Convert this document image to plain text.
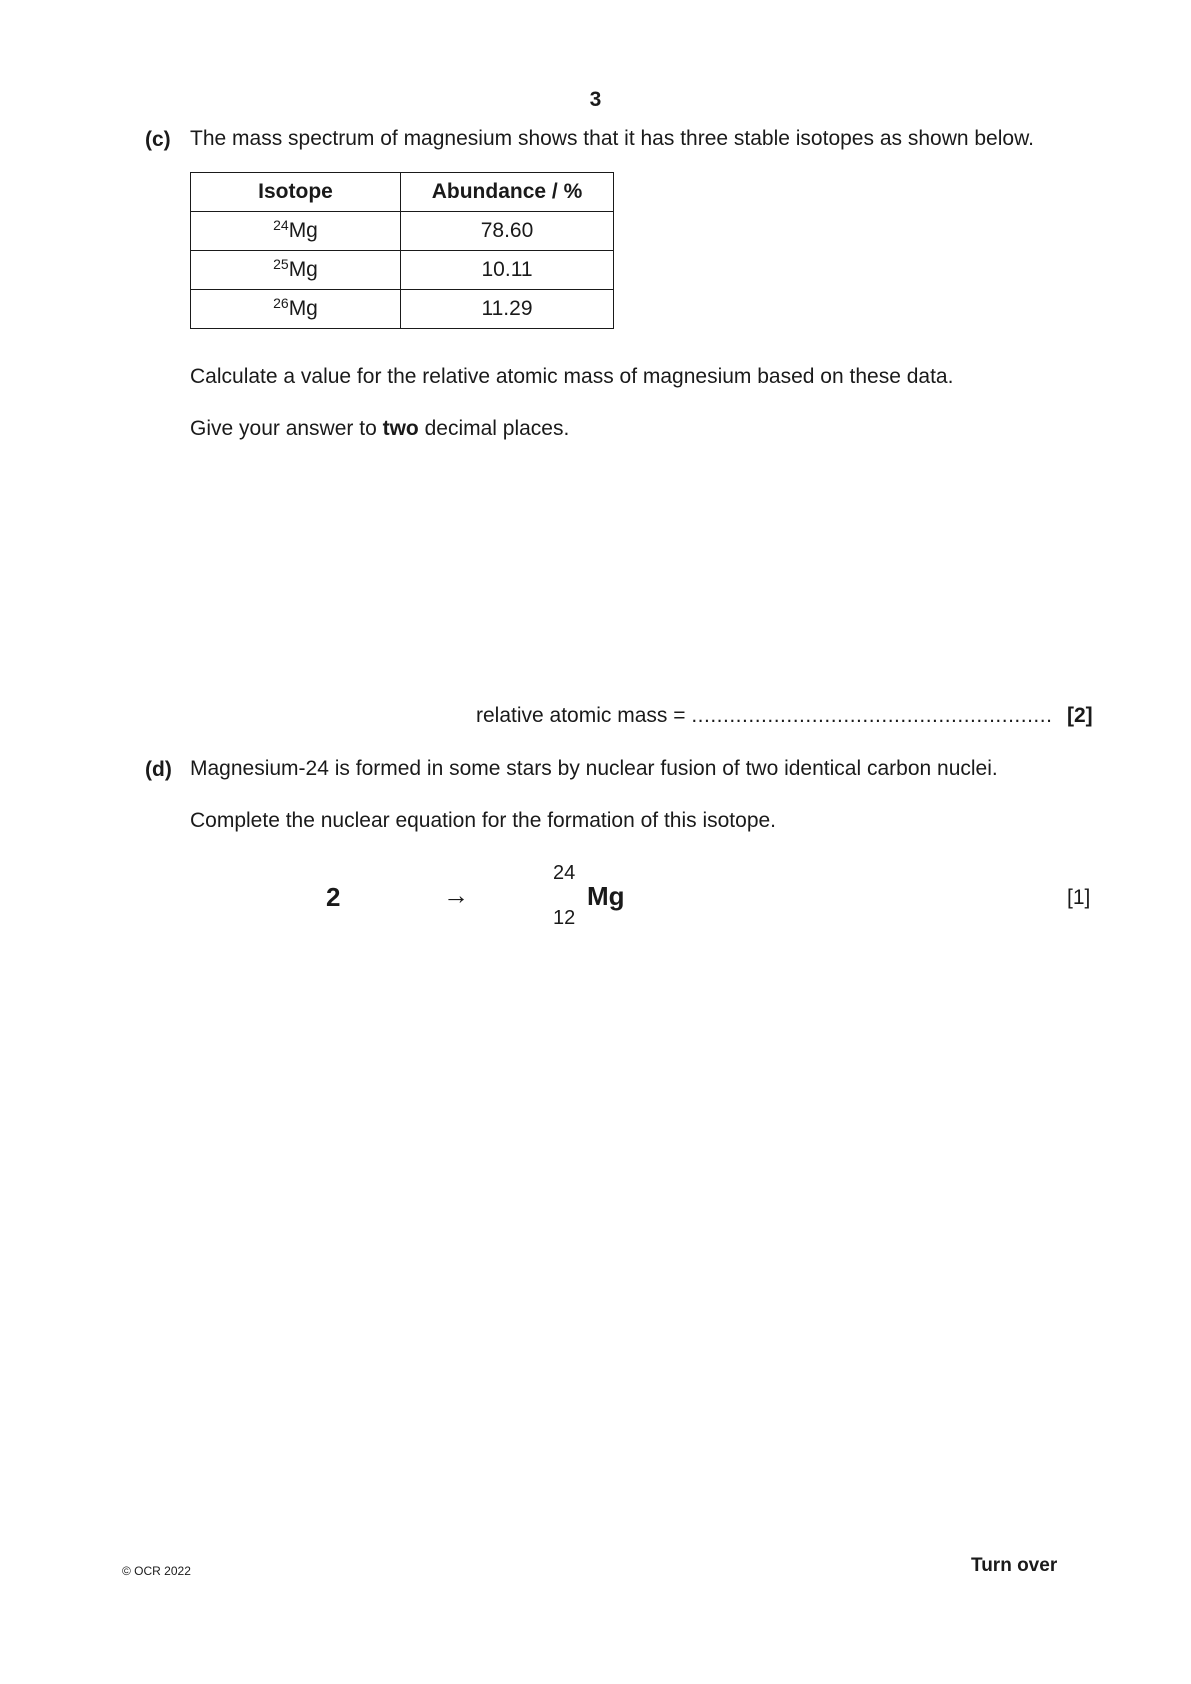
3
(c) The mass spectrum of magnesium shows that it has three stable isotopes as shown below.
Isotope	Abundance / %
$^{24}$Mg	78.60
$^{25}$Mg	10.11
$^{26}$Mg	11.29
Calculate a value for the relative atomic mass of magnesium based on these data.
Give your answer to two decimal places.
relative atomic mass = ......................................................... [2]
(d) Magnesium-24 is formed in some stars by nuclear fusion of two identical carbon nuclei.
Complete the nuclear equation for the formation of this isotope.
2	→
24
12
Mg	[1]
© OCR 2022	Turn over
